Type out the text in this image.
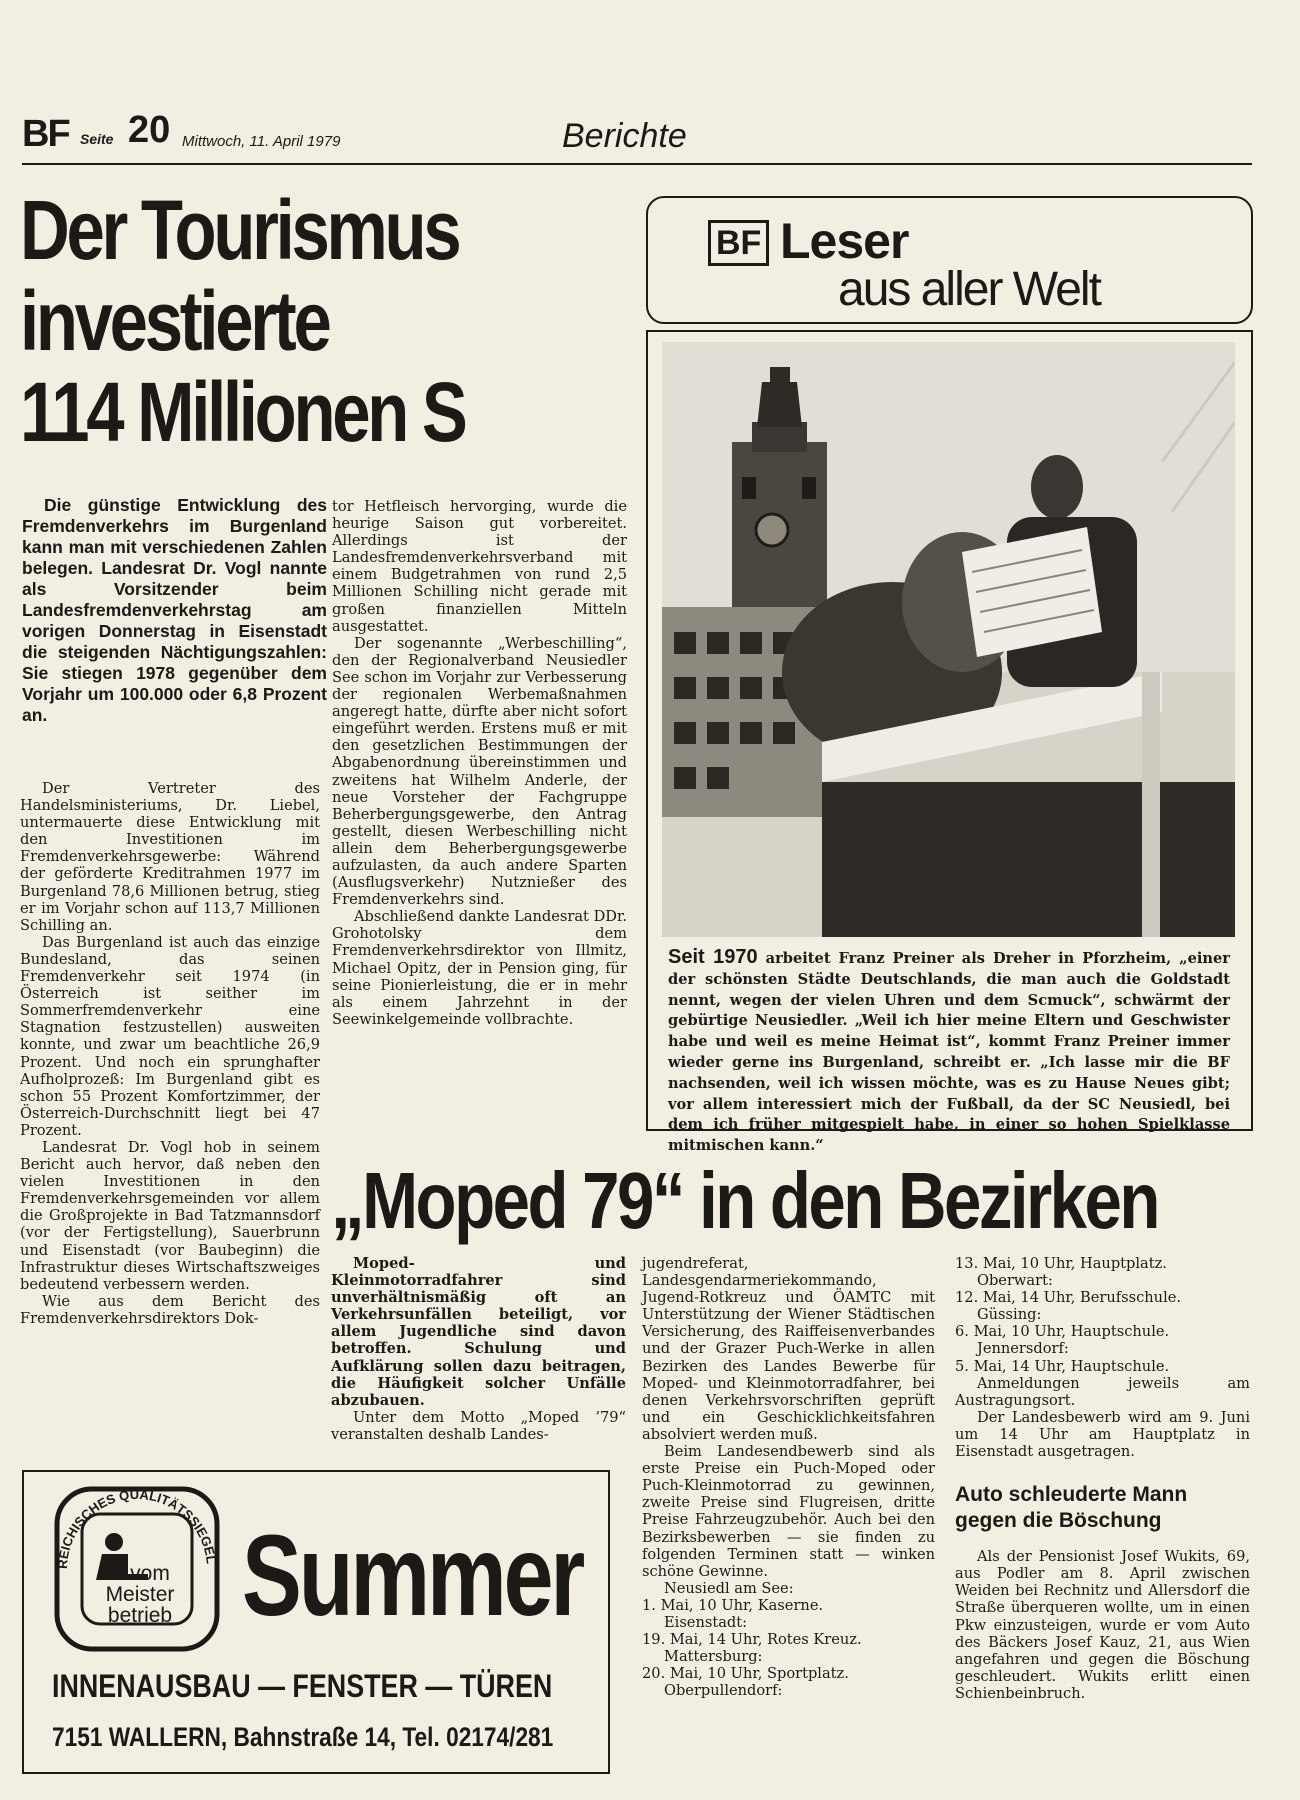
BF Seite 20 Mittwoch, 11. April 1979	Berichte
Der Tourismus
investierte
114 Millionen S

Die günstige Entwicklung des Fremdenverkehrs im Burgenland kann man mit verschiedenen Zahlen belegen. Landesrat Dr. Vogl nannte als Vorsitzender beim Landesfremdenverkehrstag am vorigen Donnerstag in Eisenstadt die steigenden Nächtigungszahlen: Sie stiegen 1978 gegenüber dem Vorjahr um 100.000 oder 6,8 Prozent an.

Der Vertreter des Handelsministeriums, Dr. Liebel, untermauerte diese Entwicklung mit den Investitionen im Fremdenverkehrsgewerbe: Während der geförderte Kreditrahmen 1977 im Burgenland 78,6 Millionen betrug, stieg er im Vorjahr schon auf 113,7 Millionen Schilling an.

Das Burgenland ist auch das einzige Bundesland, das seinen Fremdenverkehr seit 1974 (in Österreich ist seither im Sommerfremdenverkehr eine Stagnation festzustellen) ausweiten konnte, und zwar um beachtliche 26,9 Prozent. Und noch ein sprunghafter Aufholprozeß: Im Burgenland gibt es schon 55 Prozent Komfortzimmer, der Österreich-Durchschnitt liegt bei 47 Prozent.

Landesrat Dr. Vogl hob in seinem Bericht auch hervor, daß neben den vielen Investitionen in den Fremdenverkehrsgemeinden vor allem die Großprojekte in Bad Tatzmannsdorf (vor der Fertigstellung), Sauerbrunn und Eisenstadt (vor Baubeginn) die Infrastruktur dieses Wirtschaftszweiges bedeutend verbessern werden.

Wie aus dem Bericht des Fremdenverkehrsdirektors Dok-

tor Hetfleisch hervorging, wurde die heurige Saison gut vorbereitet. Allerdings ist der Landesfremdenverkehrsverband mit einem Budgetrahmen von rund 2,5 Millionen Schilling nicht gerade mit großen finanziellen Mitteln ausgestattet.

Der sogenannte „Werbeschilling“, den der Regionalverband Neusiedler See schon im Vorjahr zur Verbesserung der regionalen Werbemaßnahmen angeregt hatte, dürfte aber nicht sofort eingeführt werden. Erstens muß er mit den gesetzlichen Bestimmungen der Abgabenordnung übereinstimmen und zweitens hat Wilhelm Anderle, der neue Vorsteher der Fachgruppe Beherbergungsgewerbe, den Antrag gestellt, diesen Werbeschilling nicht allein dem Beherbergungsgewerbe aufzulasten, da auch andere Sparten (Ausflugsverkehr) Nutznießer des Fremdenverkehrs sind.

Abschließend dankte Landesrat DDr. Grohotolsky dem Fremdenverkehrsdirektor von Illmitz, Michael Opitz, der in Pension ging, für seine Pionierleistung, die er in mehr als einem Jahrzehnt in der Seewinkelgemeinde vollbrachte.

BF Leser
aus aller Welt

Seit 1970 arbeitet Franz Preiner als Dreher in Pforzheim, „einer der schönsten Städte Deutschlands, die man auch die Goldstadt nennt, wegen der vielen Uhren und dem Scmuck“, schwärmt der gebürtige Neusiedler. „Weil ich hier meine Eltern und Geschwister habe und weil es meine Heimat ist“, kommt Franz Preiner immer wieder gerne ins Burgenland, schreibt er. „Ich lasse mir die BF nachsenden, weil ich wissen möchte, was es zu Hause Neues gibt; vor allem interessiert mich der Fußball, da der SC Neusiedl, bei dem ich früher mitgespielt habe, in einer so hohen Spielklasse mitmischen kann.“

„Moped 79“ in den Bezirken

Moped- und Kleinmotorradfahrer sind unverhältnismäßig oft an Verkehrsunfällen beteiligt, vor allem Jugendliche sind davon betroffen. Schulung und Aufklärung sollen dazu beitragen, die Häufigkeit solcher Unfälle abzubauen.

Unter dem Motto „Moped ’79“ veranstalten deshalb Landes-

jugendreferat, Landesgendarmeriekommando, Jugend-Rotkreuz und ÖAMTC mit Unterstützung der Wiener Städtischen Versicherung, des Raiffeisenverbandes und der Grazer Puch-Werke in allen Bezirken des Landes Bewerbe für Moped- und Kleinmotorradfahrer, bei denen Verkehrsvorschriften geprüft und ein Geschicklichkeitsfahren absolviert werden muß.

Beim Landesendbewerb sind als erste Preise ein Puch-Moped oder Puch-Kleinmotorrad zu gewinnen, zweite Preise sind Flugreisen, dritte Preise Fahrzeugzubehör. Auch bei den Bezirksbewerben — sie finden zu folgenden Terminen statt — winken schöne Gewinne.

Neusiedl am See:

1. Mai, 10 Uhr, Kaserne.

Eisenstadt:

19. Mai, 14 Uhr, Rotes Kreuz.

Mattersburg:

20. Mai, 10 Uhr, Sportplatz.

Oberpullendorf:

13. Mai, 10 Uhr, Hauptplatz.

Oberwart:

12. Mai, 14 Uhr, Berufsschule.

Güssing:

6. Mai, 10 Uhr, Hauptschule.

Jennersdorf:

5. Mai, 14 Uhr, Hauptschule.

Anmeldungen jeweils am Austragungsort.

Der Landesbewerb wird am 9. Juni um 14 Uhr am Hauptplatz in Eisenstadt ausgetragen.

Auto schleuderte Mann gegen die Böschung

Als der Pensionist Josef Wukits, 69, aus Podler am 8. April zwischen Weiden bei Rechnitz und Allersdorf die Straße überqueren wollte, um in einen Pkw einzusteigen, wurde er vom Auto des Bäckers Josef Kauz, 21, aus Wien angefahren und gegen die Böschung geschleudert. Wukits erlitt einen Schienbeinbruch.

REICHISCHES QUALITÄTSSIEGEL
vom
Meister
betrieb Summer
INNENAUSBAU — FENSTER — TÜREN
7151 WALLERN, Bahnstraße 14, Tel. 02174/281
